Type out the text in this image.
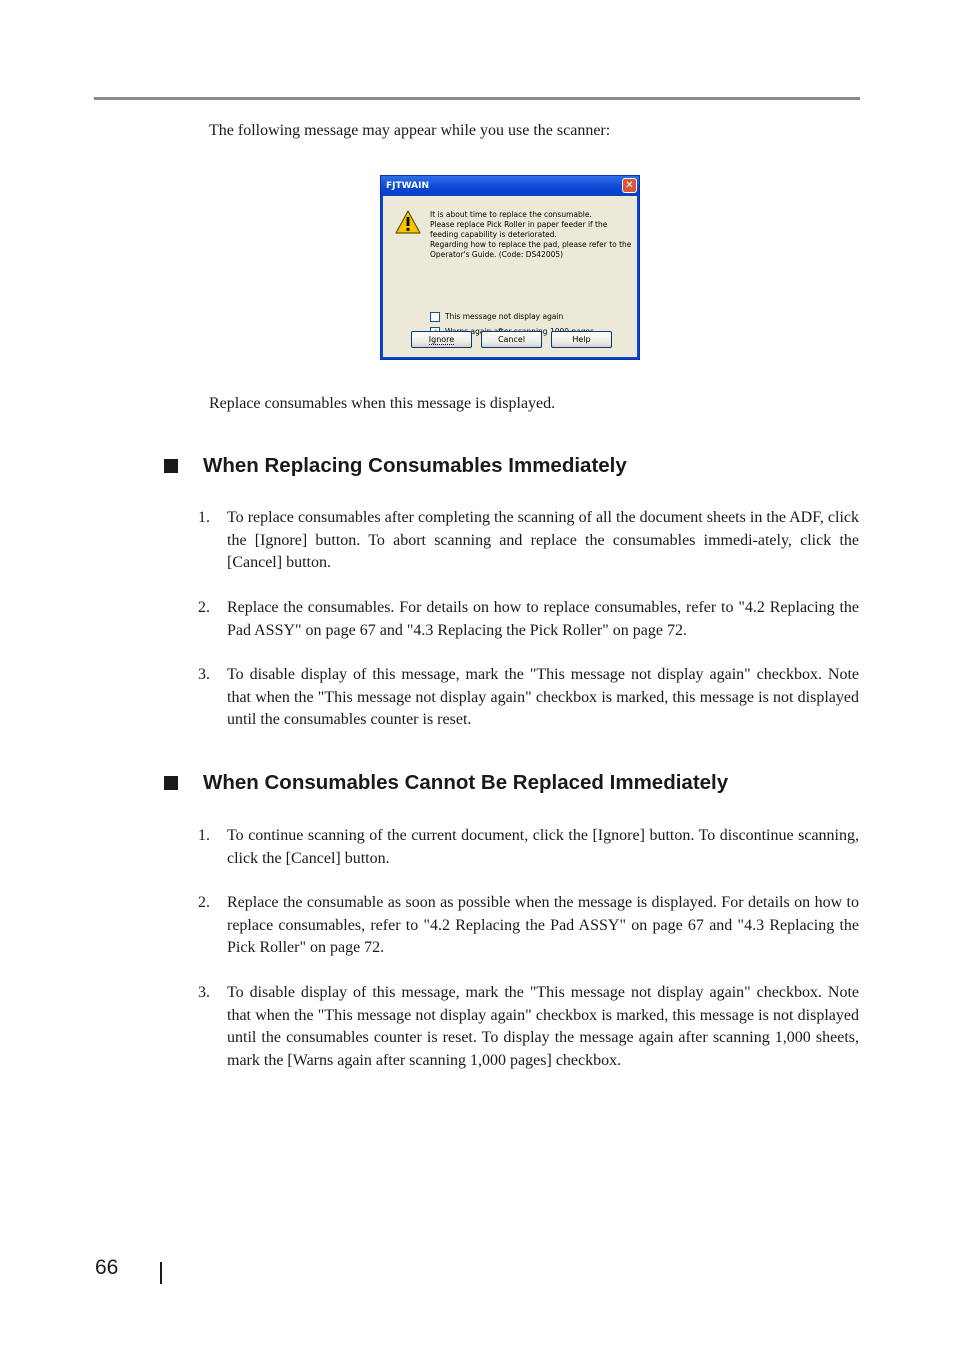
The following message may appear while you use the scanner:

FJTWAIN	✕
It is about time to replace the consumable.
Please replace Pick Roller in paper feeder if the
feeding capability is deteriorated.
Regarding how to replace the pad, please refer to the
Operator's Guide. (Code: DS42005)
This message not display again
Ignore	Cancel	Help

Replace consumables when this message is displayed.

When Replacing Consumables Immediately
1.	To replace consumables after completing the scanning of all the document sheets in the ADF, click the [Ignore] button. To abort scanning and replace the consumables immedi-ately, click the [Cancel] button.
2.	Replace the consumables. For details on how to replace consumables, refer to "4.2 Replacing the Pad ASSY" on page 67 and "4.3 Replacing the Pick Roller" on page 72.
3.	To disable display of this message, mark the "This message not display again" checkbox. Note that when the "This message not display again" checkbox is marked, this message is not displayed until the consumables counter is reset.
When Consumables Cannot Be Replaced Immediately
1.	To continue scanning of the current document, click the [Ignore] button. To discontinue scanning, click the [Cancel] button.
2.	Replace the consumable as soon as possible when the message is displayed. For details on how to replace consumables, refer to "4.2 Replacing the Pad ASSY" on page 67 and "4.3 Replacing the Pick Roller" on page 72.
3.	To disable display of this message, mark the "This message not display again" checkbox. Note that when the "This message not display again" checkbox is marked, this message is not displayed until the consumables counter is reset. To display the message again after scanning 1,000 sheets, mark the [Warns again after scanning 1,000 pages] checkbox.
66
